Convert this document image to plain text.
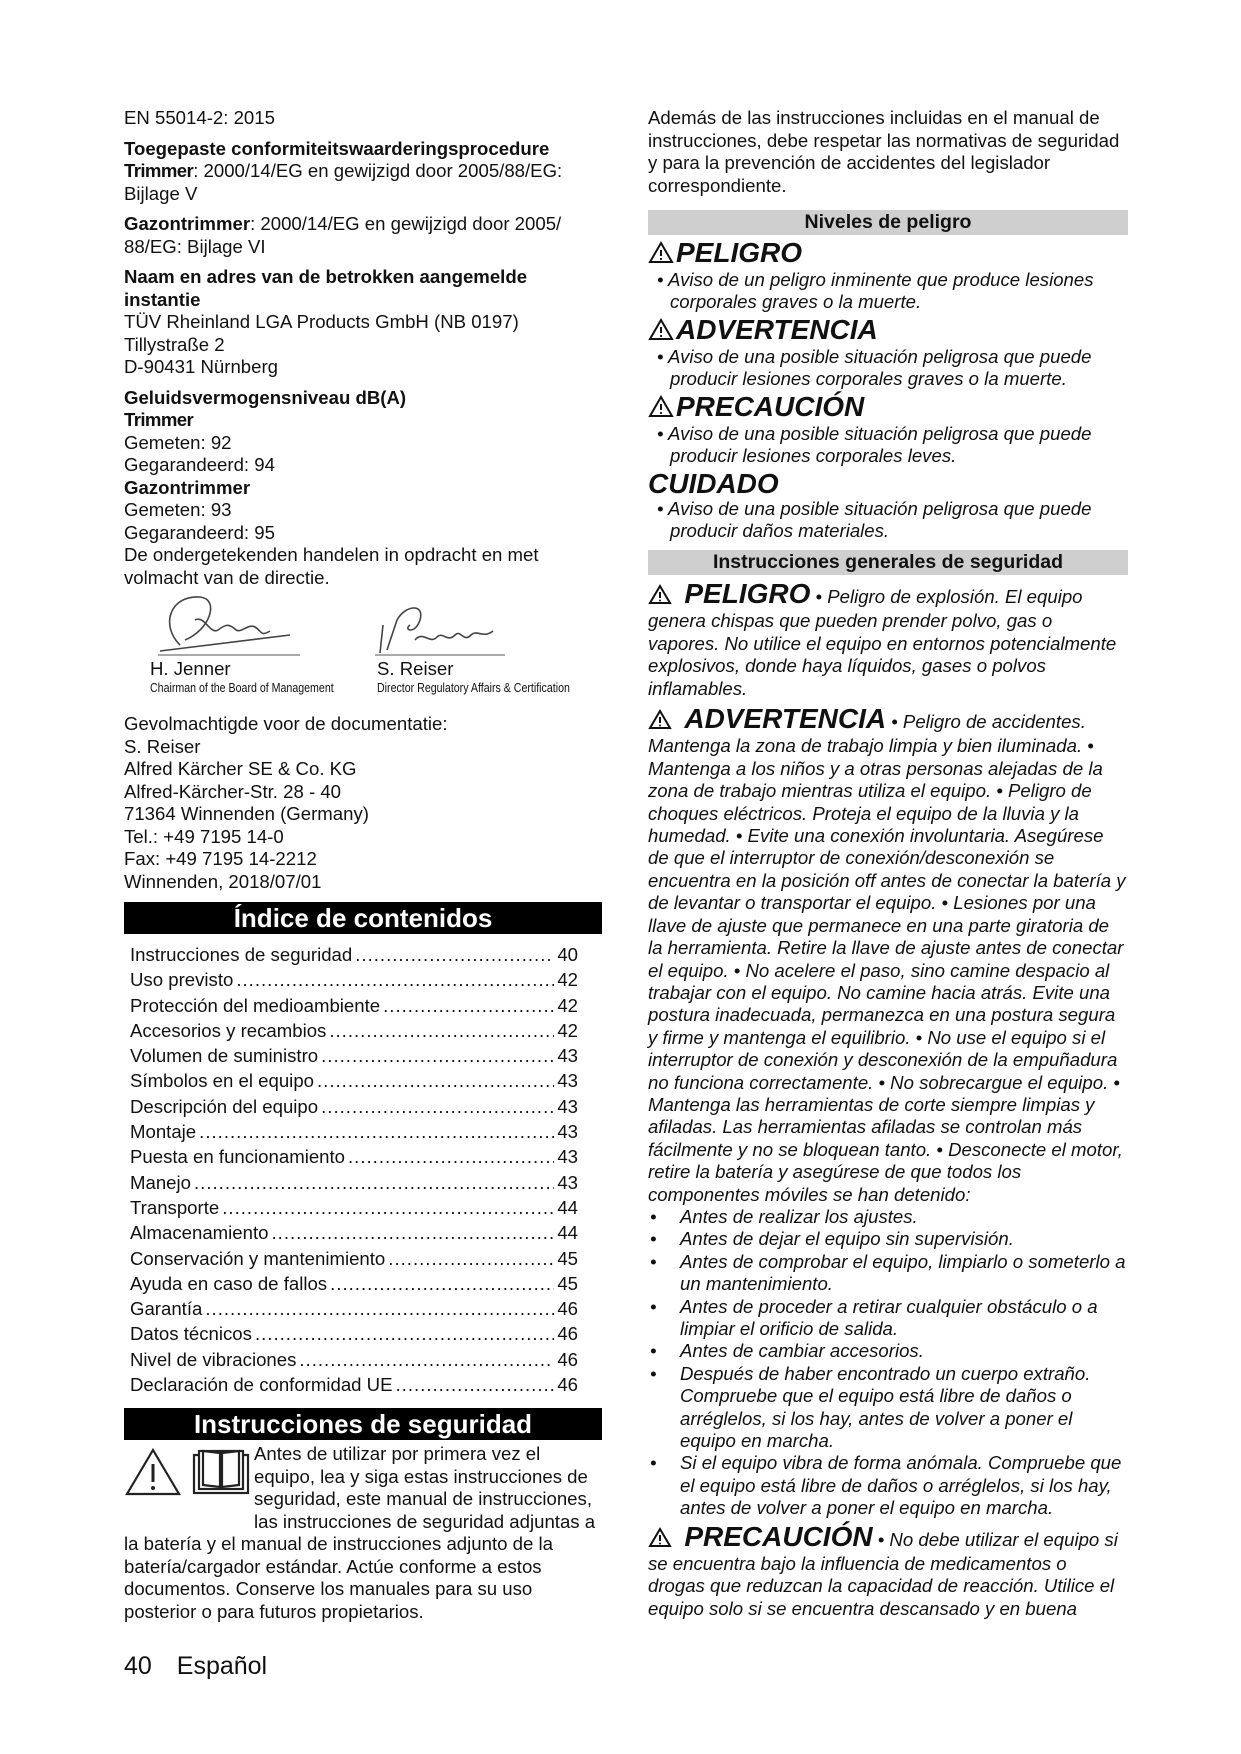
EN 55014-2: 2015

Toegepaste conformiteitswaarderingsprocedure

Trimmer: 2000/14/EG en gewijzigd door 2005/88/EG: Bijlage V

Gazontrimmer: 2000/14/EG en gewijzigd door 2005/ 88/EG: Bijlage VI

Naam en adres van de betrokken aangemelde instantie

TÜV Rheinland LGA Products GmbH (NB 0197)

Tillystraße 2

D-90431 Nürnberg

Geluidsvermogensniveau dB(A)

Trimmer

Gemeten: 92

Gegarandeerd: 94

Gazontrimmer

Gemeten: 93

Gegarandeerd: 95

De ondergetekenden handelen in opdracht en met volmacht van de directie.

H. Jenner

Chairman of the Board of Management

S. Reiser

Director Regulatory Affairs & Certification

Gevolmachtigde voor de documentatie:

S. Reiser

Alfred Kärcher SE & Co. KG

Alfred-Kärcher-Str. 28 - 40

71364 Winnenden (Germany)

Tel.: +49 7195 14-0

Fax: +49 7195 14-2212

Winnenden, 2018/07/01

Índice de contenidos
Instrucciones de seguridad .....	40
Uso previsto .....	42
Protección del medioambiente .....	42
Accesorios y recambios .....	42
Volumen de suministro .....	43
Símbolos en el equipo .....	43
Descripción del equipo .....	43
Montaje .....	43
Puesta en funcionamiento .....	43
Manejo .....	43
Transporte .....	44
Almacenamiento .....	44
Conservación y mantenimiento .....	45
Ayuda en caso de fallos .....	45
Garantía .....	46
Datos técnicos .....	46
Nivel de vibraciones .....	46
Declaración de conformidad UE .....	46
Instrucciones de seguridad

Antes de utilizar por primera vez el equipo, lea y siga estas instrucciones de seguridad, este manual de instrucciones, las instrucciones de seguridad adjuntas a la batería y el manual de instrucciones adjunto de la batería/cargador estándar. Actúe conforme a estos documentos. Conserve los manuales para su uso posterior o para futuros propietarios.

40 Español

Además de las instrucciones incluidas en el manual de instrucciones, debe respetar las normativas de seguridad y para la prevención de accidentes del legislador correspondiente.

Niveles de peligro
PELIGRO

• Aviso de un peligro inminente que produce lesiones corporales graves o la muerte.

ADVERTENCIA

• Aviso de una posible situación peligrosa que puede producir lesiones corporales graves o la muerte.

PRECAUCIÓN

• Aviso de una posible situación peligrosa que puede producir lesiones corporales leves.

CUIDADO

• Aviso de una posible situación peligrosa que puede producir daños materiales.

Instrucciones generales de seguridad

PELIGRO • Peligro de explosión. El equipo genera chispas que pueden prender polvo, gas o vapores. No utilice el equipo en entornos potencialmente explosivos, donde haya líquidos, gases o polvos inflamables.

ADVERTENCIA • Peligro de accidentes. Mantenga la zona de trabajo limpia y bien iluminada. • Mantenga a los niños y a otras personas alejadas de la zona de trabajo mientras utiliza el equipo. • Peligro de choques eléctricos. Proteja el equipo de la lluvia y la humedad. • Evite una conexión involuntaria. Asegúrese de que el interruptor de conexión/desconexión se encuentra en la posición off antes de conectar la batería y de levantar o transportar el equipo. • Lesiones por una llave de ajuste que permanece en una parte giratoria de la herramienta. Retire la llave de ajuste antes de conectar el equipo. • No acelere el paso, sino camine despacio al trabajar con el equipo. No camine hacia atrás. Evite una postura inadecuada, permanezca en una postura segura y firme y mantenga el equilibrio. • No use el equipo si el interruptor de conexión y desconexión de la empuñadura no funciona correctamente. • No sobrecargue el equipo. • Mantenga las herramientas de corte siempre limpias y afiladas. Las herramientas afiladas se controlan más fácilmente y no se bloquean tanto. • Desconecte el motor, retire la batería y asegúrese de que todos los componentes móviles se han detenido:

•	Antes de realizar los ajustes.
•	Antes de dejar el equipo sin supervisión.
•	Antes de comprobar el equipo, limpiarlo o someterlo a un mantenimiento.
•	Antes de proceder a retirar cualquier obstáculo o a limpiar el orificio de salida.
•	Antes de cambiar accesorios.
•	Después de haber encontrado un cuerpo extraño. Compruebe que el equipo está libre de daños o arréglelos, si los hay, antes de volver a poner el equipo en marcha.
•	Si el equipo vibra de forma anómala. Compruebe que el equipo está libre de daños o arréglelos, si los hay, antes de volver a poner el equipo en marcha.

PRECAUCIÓN • No debe utilizar el equipo si se encuentra bajo la influencia de medicamentos o drogas que reduzcan la capacidad de reacción. Utilice el equipo solo si se encuentra descansado y en buena
